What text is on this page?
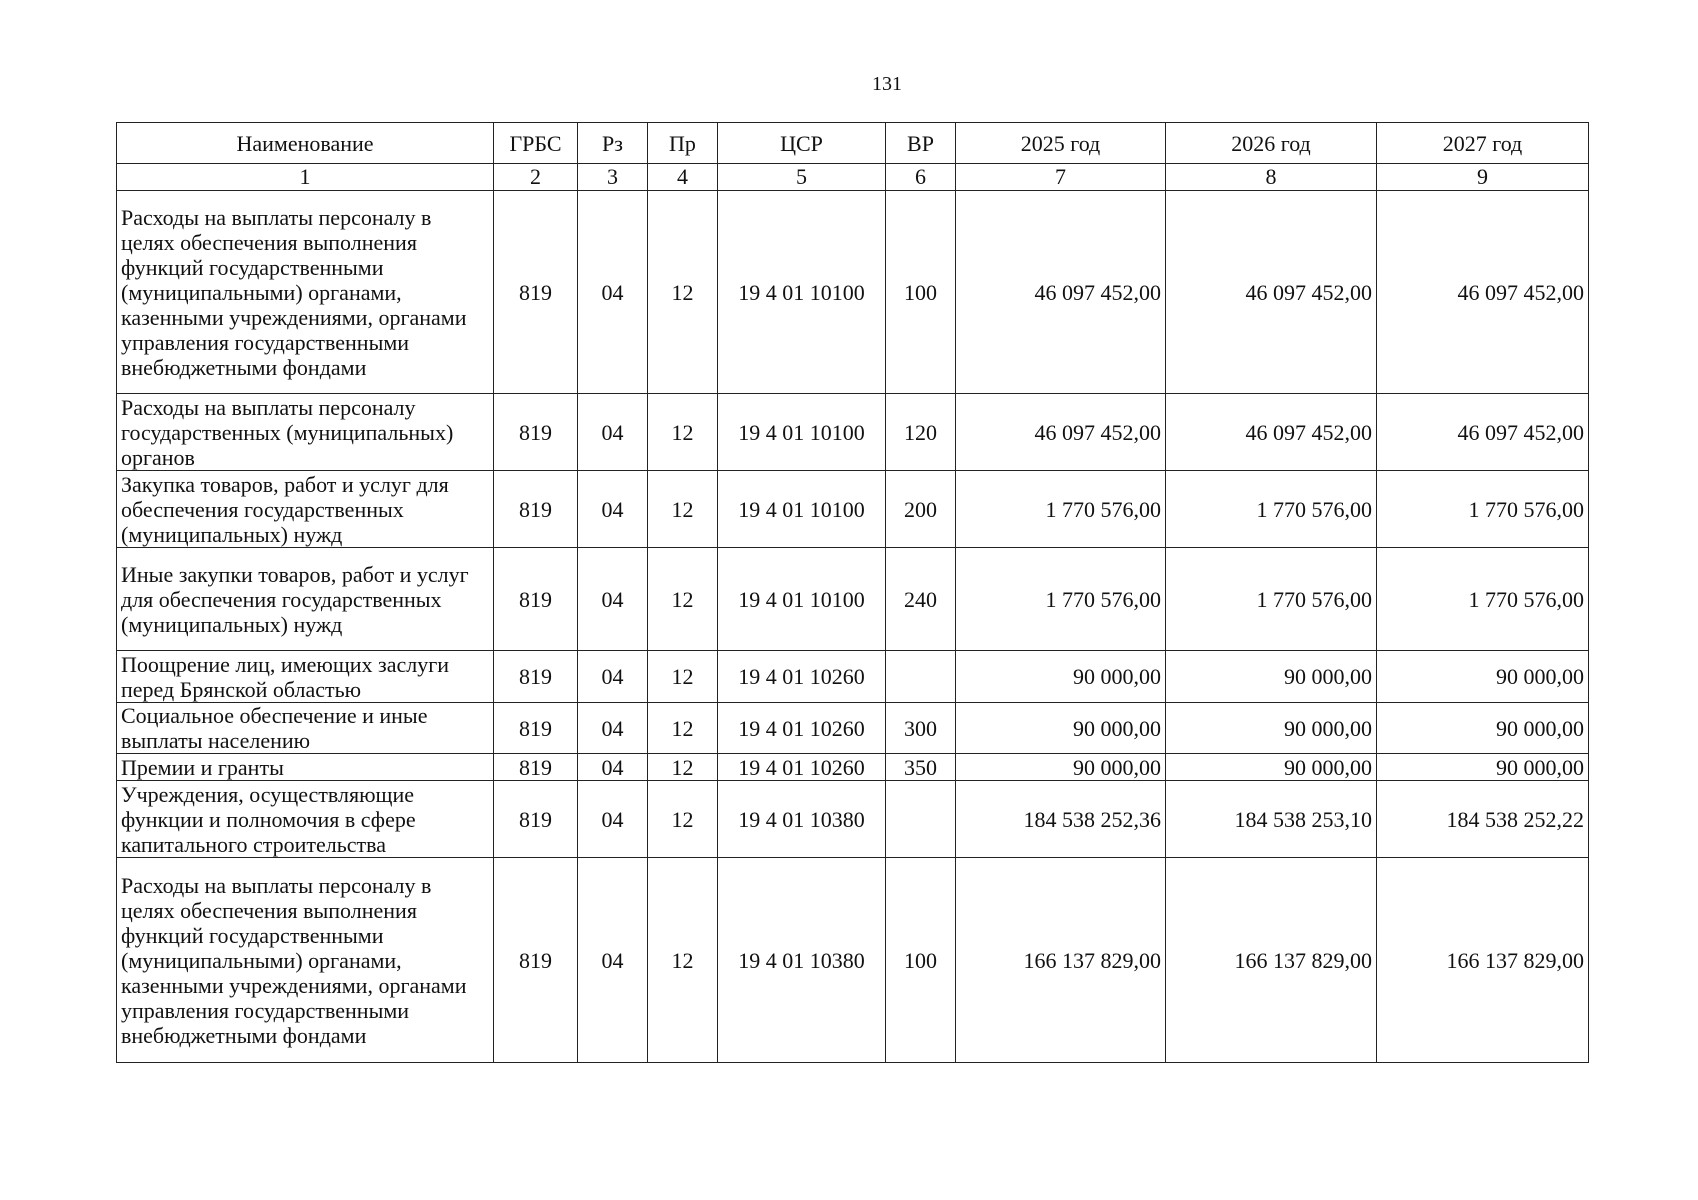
131
Наименование	ГРБС	Рз	Пр	ЦСР	ВР	2025 год	2026 год	2027 год
1	2	3	4	5	6	7	8	9
Расходы на выплаты персоналу в целях обеспечения выполнения функций государственными (муниципальными) органами, казенными учреждениями, органами управления государственными внебюджетными фондами	819	04	12	19 4 01 10100	100	46 097 452,00	46 097 452,00	46 097 452,00
Расходы на выплаты персоналу государственных (муниципальных) органов	819	04	12	19 4 01 10100	120	46 097 452,00	46 097 452,00	46 097 452,00
Закупка товаров, работ и услуг для обеспечения государственных (муниципальных) нужд	819	04	12	19 4 01 10100	200	1 770 576,00	1 770 576,00	1 770 576,00
Иные закупки товаров, работ и услуг для обеспечения государственных (муниципальных) нужд	819	04	12	19 4 01 10100	240	1 770 576,00	1 770 576,00	1 770 576,00
Поощрение лиц, имеющих заслуги перед Брянской областью	819	04	12	19 4 01 10260		90 000,00	90 000,00	90 000,00
Социальное обеспечение и иные выплаты населению	819	04	12	19 4 01 10260	300	90 000,00	90 000,00	90 000,00
Премии и гранты	819	04	12	19 4 01 10260	350	90 000,00	90 000,00	90 000,00
Учреждения, осуществляющие функции и полномочия в сфере капитального строительства	819	04	12	19 4 01 10380		184 538 252,36	184 538 253,10	184 538 252,22
Расходы на выплаты персоналу в целях обеспечения выполнения функций государственными (муниципальными) органами, казенными учреждениями, органами управления государственными внебюджетными фондами	819	04	12	19 4 01 10380	100	166 137 829,00	166 137 829,00	166 137 829,00
